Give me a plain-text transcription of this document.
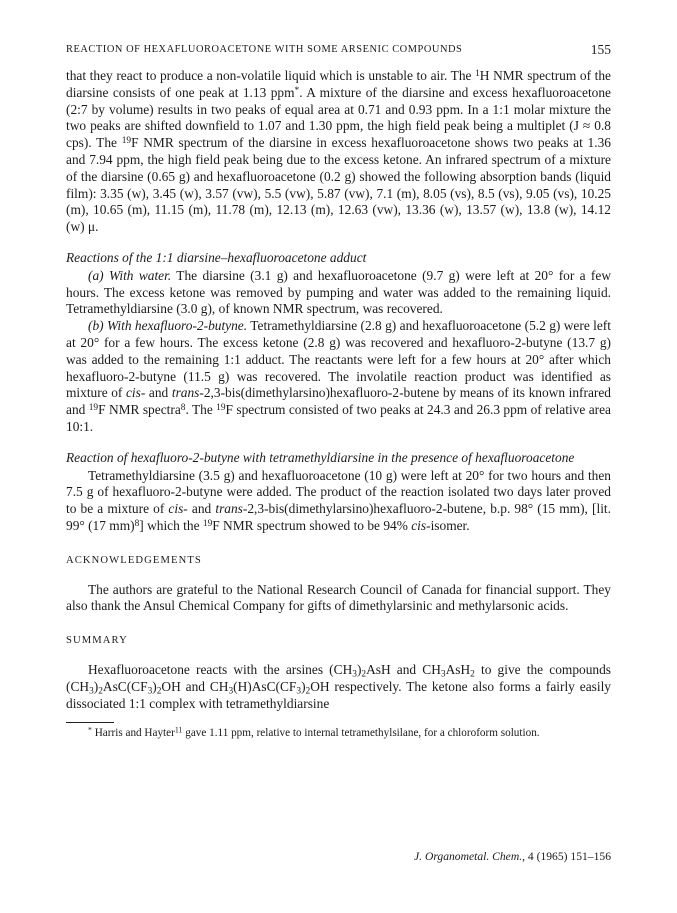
REACTION OF HEXAFLUOROACETONE WITH SOME ARSENIC COMPOUNDS	155

that they react to produce a non-volatile liquid which is unstable to air. The $^1$H NMR spectrum of the diarsine consists of one peak at 1.13 ppm*. A mixture of the diarsine and excess hexafluoroacetone (2:7 by volume) results in two peaks of equal area at 0.71 and 0.93 ppm. In a 1:1 molar mixture the two peaks are shifted downfield to 1.07 and 1.30 ppm, the high field peak being a multiplet (J ≈ 0.8 cps). The $^{19}$F NMR spectrum of the diarsine in excess hexafluoroacetone shows two peaks at 1.36 and 7.94 ppm, the high field peak being due to the excess ketone. An infrared spectrum of a mixture of the diarsine (0.65 g) and hexafluoroacetone (0.2 g) showed the following absorption bands (liquid film): 3.35 (w), 3.45 (w), 3.57 (vw), 5.5 (vw), 5.87 (vw), 7.1 (m), 8.05 (vs), 8.5 (vs), 9.05 (vs), 10.25 (m), 10.65 (m), 11.15 (m), 11.78 (m), 12.13 (m), 12.63 (vw), 13.36 (w), 13.57 (w), 13.8 (w), 14.12 (w) μ.

Reactions of the 1:1 diarsine–hexafluoroacetone adduct

(a) With water. The diarsine (3.1 g) and hexafluoroacetone (9.7 g) were left at 20° for a few hours. The excess ketone was removed by pumping and water was added to the remaining liquid. Tetramethyldiarsine (3.0 g), of known NMR spectrum, was recovered.

(b) With hexafluoro-2-butyne. Tetramethyldiarsine (2.8 g) and hexafluoroacetone (5.2 g) were left at 20° for a few hours. The excess ketone (2.8 g) was recovered and hexafluoro-2-butyne (13.7 g) was added to the remaining 1:1 adduct. The reactants were left for a few hours at 20° after which hexafluoro-2-butyne (11.5 g) was recovered. The involatile reaction product was identified as mixture of cis- and trans-2,3-bis(dimethylarsino)hexafluoro-2-butene by means of its known infrared and $^{19}$F NMR spectra$^8$. The $^{19}$F spectrum consisted of two peaks at 24.3 and 26.3 ppm of relative area 10:1.

Reaction of hexafluoro-2-butyne with tetramethyldiarsine in the presence of hexafluoroacetone

Tetramethyldiarsine (3.5 g) and hexafluoroacetone (10 g) were left at 20° for two hours and then 7.5 g of hexafluoro-2-butyne were added. The product of the reaction isolated two days later proved to be a mixture of cis- and trans-2,3-bis(dimethylarsino)hexafluoro-2-butene, b.p. 98° (15 mm), [lit. 99° (17 mm)$^8$] which the $^{19}$F NMR spectrum showed to be 94% cis-isomer.

ACKNOWLEDGEMENTS

The authors are grateful to the National Research Council of Canada for financial support. They also thank the Ansul Chemical Company for gifts of dimethylarsinic and methylarsonic acids.

SUMMARY

Hexafluoroacetone reacts with the arsines $(CH_3)_2AsH$ and $CH_3AsH_2$ to give the compounds $(CH_3)_2AsC(CF_3)_2OH$ and $CH_3(H)AsC(CF_3)_2OH$ respectively. The ketone also forms a fairly easily dissociated 1:1 complex with tetramethyldiarsine

* Harris and Hayter$^{11}$ gave 1.11 ppm, relative to internal tetramethylsilane, for a chloroform solution.

J. Organometal. Chem., 4 (1965) 151–156
